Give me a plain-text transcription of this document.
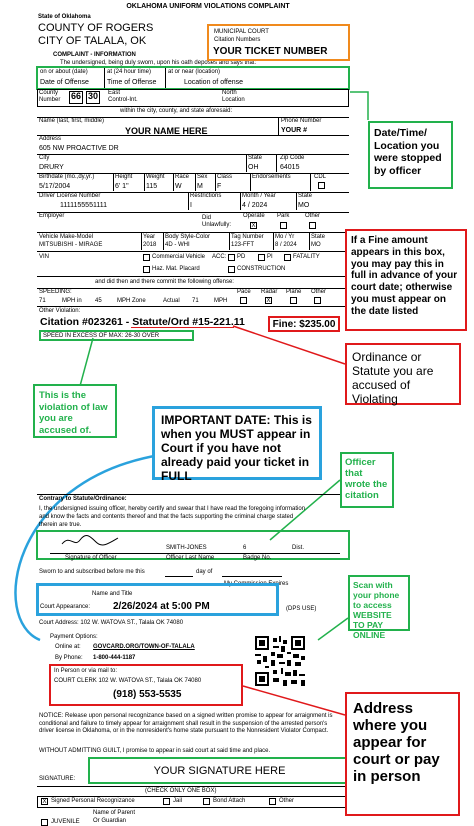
OKLAHOMA UNIFORM VIOLATIONS COMPLAINT
State of Oklahoma
COUNTY OF ROGERS
CITY OF TALALA, OK
COMPLAINT - INFORMATION
The undersigned, being duly sworn, upon his oath deposes and says that:
MUNICIPAL COURT
Citation Numbers
YOUR TICKET NUMBER
on or about (date)	at (24 hour time)	at or near (location)
Date of Offense	Time of Offense	Location of offense
County Number	66 30	East Control-Int.
North Location
within the city, county, and state aforesaid:
Name (last, first, middle)
YOUR NAME HERE
Phone Number
YOUR #
Address
605 NW PROACTIVE DR
City
DRURY
State
OH
Zip Code
64015
Birthdate (mo.,dy,yr.)
5/17/2004
Height
6' 1"
Weight
115
Race
W
Sex
M
Class
F
Endorsements	CDL
Driver License Number
1111155551111
Restrictions
I
Month / Year
4 / 2024
State
MO
Employer	Did Unlawfully:
Operate
X
Park	Other
Vehicle Make-Model
MITSUBISHI - MIRAGE
Year
2018
Body Style-Color
4D - WHI
Tag Number
123-FFT
Mo / Yr
8 / 2024
State
MO
VIN	Commercial Vehicle
Haz. Mat. Placard
ACC: PD	PI	FATALITY
CONSTRUCTION
and did then and there commit the following offense:
SPEEDING:
71	MPH in 45	MPH Zone	Actual 71	MPH
Pace Radar
X
Plane Other
Other Violation:
Citation #023261 - Statute/Ord #15-221.11	Fine: $235.00
SPEED IN EXCESS OF MAX: 26-30 OVER
Contrary to Statute/Ordinance:
I, the undersigned issuing officer, hereby certify and swear that I have read the foregoing information and know the facts and contents thereof and that the facts supporting the criminal charge stated therein are true.
SMITH-JONES	6	Dist.
Signature of Officer	Officer Last Name	Badge No.
Sworn to and subscribed before me this	day of
My Commission Expires
Name and Title
Court Appearance: 2/26/2024 at 5:00 PM	(DPS USE)
Court Address: 102 W. WATOVA ST., Talala OK 74080
Payment Options:
Online at: GOVCARD.ORG/TOWN-OF-TALALA
By Phone: 1-800-444-1187
In Person or via mail to:
COURT CLERK 102 W. WATOVA ST., Talala OK 74080
(918) 553-5535
NOTICE: Release upon personal recognizance based on a signed written promise to appear for arraignment is conditional and failure to timely appear for arraignment shall result in the suspension of the arrested person's driver license in Oklahoma, or in the nonresident's home state pursuant to the Nonresident Violator Compact.
WITHOUT ADMITTING GUILT, I promise to appear in said court at said time and place.
SIGNATURE:
YOUR SIGNATURE HERE
(CHECK ONLY ONE BOX)
X Signed Personal Recognizance	Jail	Bond Attach	Other
Name of Parent
JUVENILE Or Guardian
Date/Time/ Location you were stopped by officer
If a Fine amount appears in this box, you may pay this in full in advance of your court date; otherwise you must appear on the date listed
Ordinance or Statute you are accused of Violating
This is the violation of law you are accused of.
IMPORTANT DATE: This is when you MUST appear in Court if you have not already paid your ticket in FULL
Officer that wrote the citation
Scan with your phone to access WEBSITE TO PAY ONLINE
Address where you appear for court or pay in person
